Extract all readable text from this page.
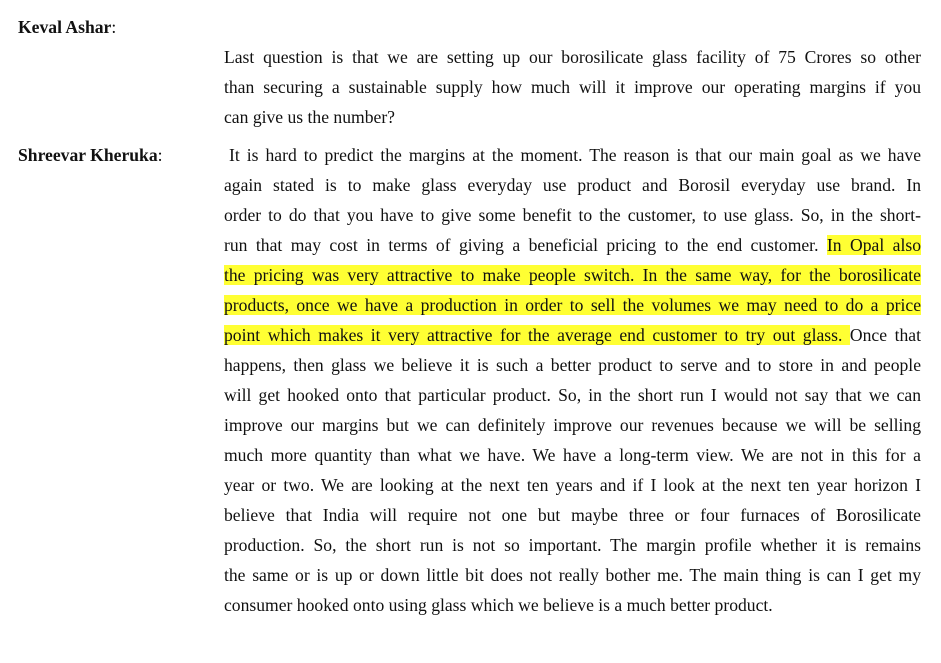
Keval Ashar:
Last question is that we are setting up our borosilicate glass facility of 75 Crores so other
than securing a sustainable supply how much will it improve our operating margins if you
can give us the number?
Shreevar Kheruka:	It is hard to predict the margins at the moment. The reason is that our main goal as we have
again stated is to make glass everyday use product and Borosil everyday use brand. In
order to do that you have to give some benefit to the customer, to use glass. So, in the short-
run that may cost in terms of giving a beneficial pricing to the end customer. In Opal also
the pricing was very attractive to make people switch. In the same way, for the borosilicate
products, once we have a production in order to sell the volumes we may need to do a price
point which makes it very attractive for the average end customer to try out glass. Once that
happens, then glass we believe it is such a better product to serve and to store in and people
will get hooked onto that particular product. So, in the short run I would not say that we can
improve our margins but we can definitely improve our revenues because we will be selling
much more quantity than what we have. We have a long-term view. We are not in this for a
year or two. We are looking at the next ten years and if I look at the next ten year horizon I
believe that India will require not one but maybe three or four furnaces of Borosilicate
production. So, the short run is not so important. The margin profile whether it is remains
the same or is up or down little bit does not really bother me. The main thing is can I get my
consumer hooked onto using glass which we believe is a much better product.
